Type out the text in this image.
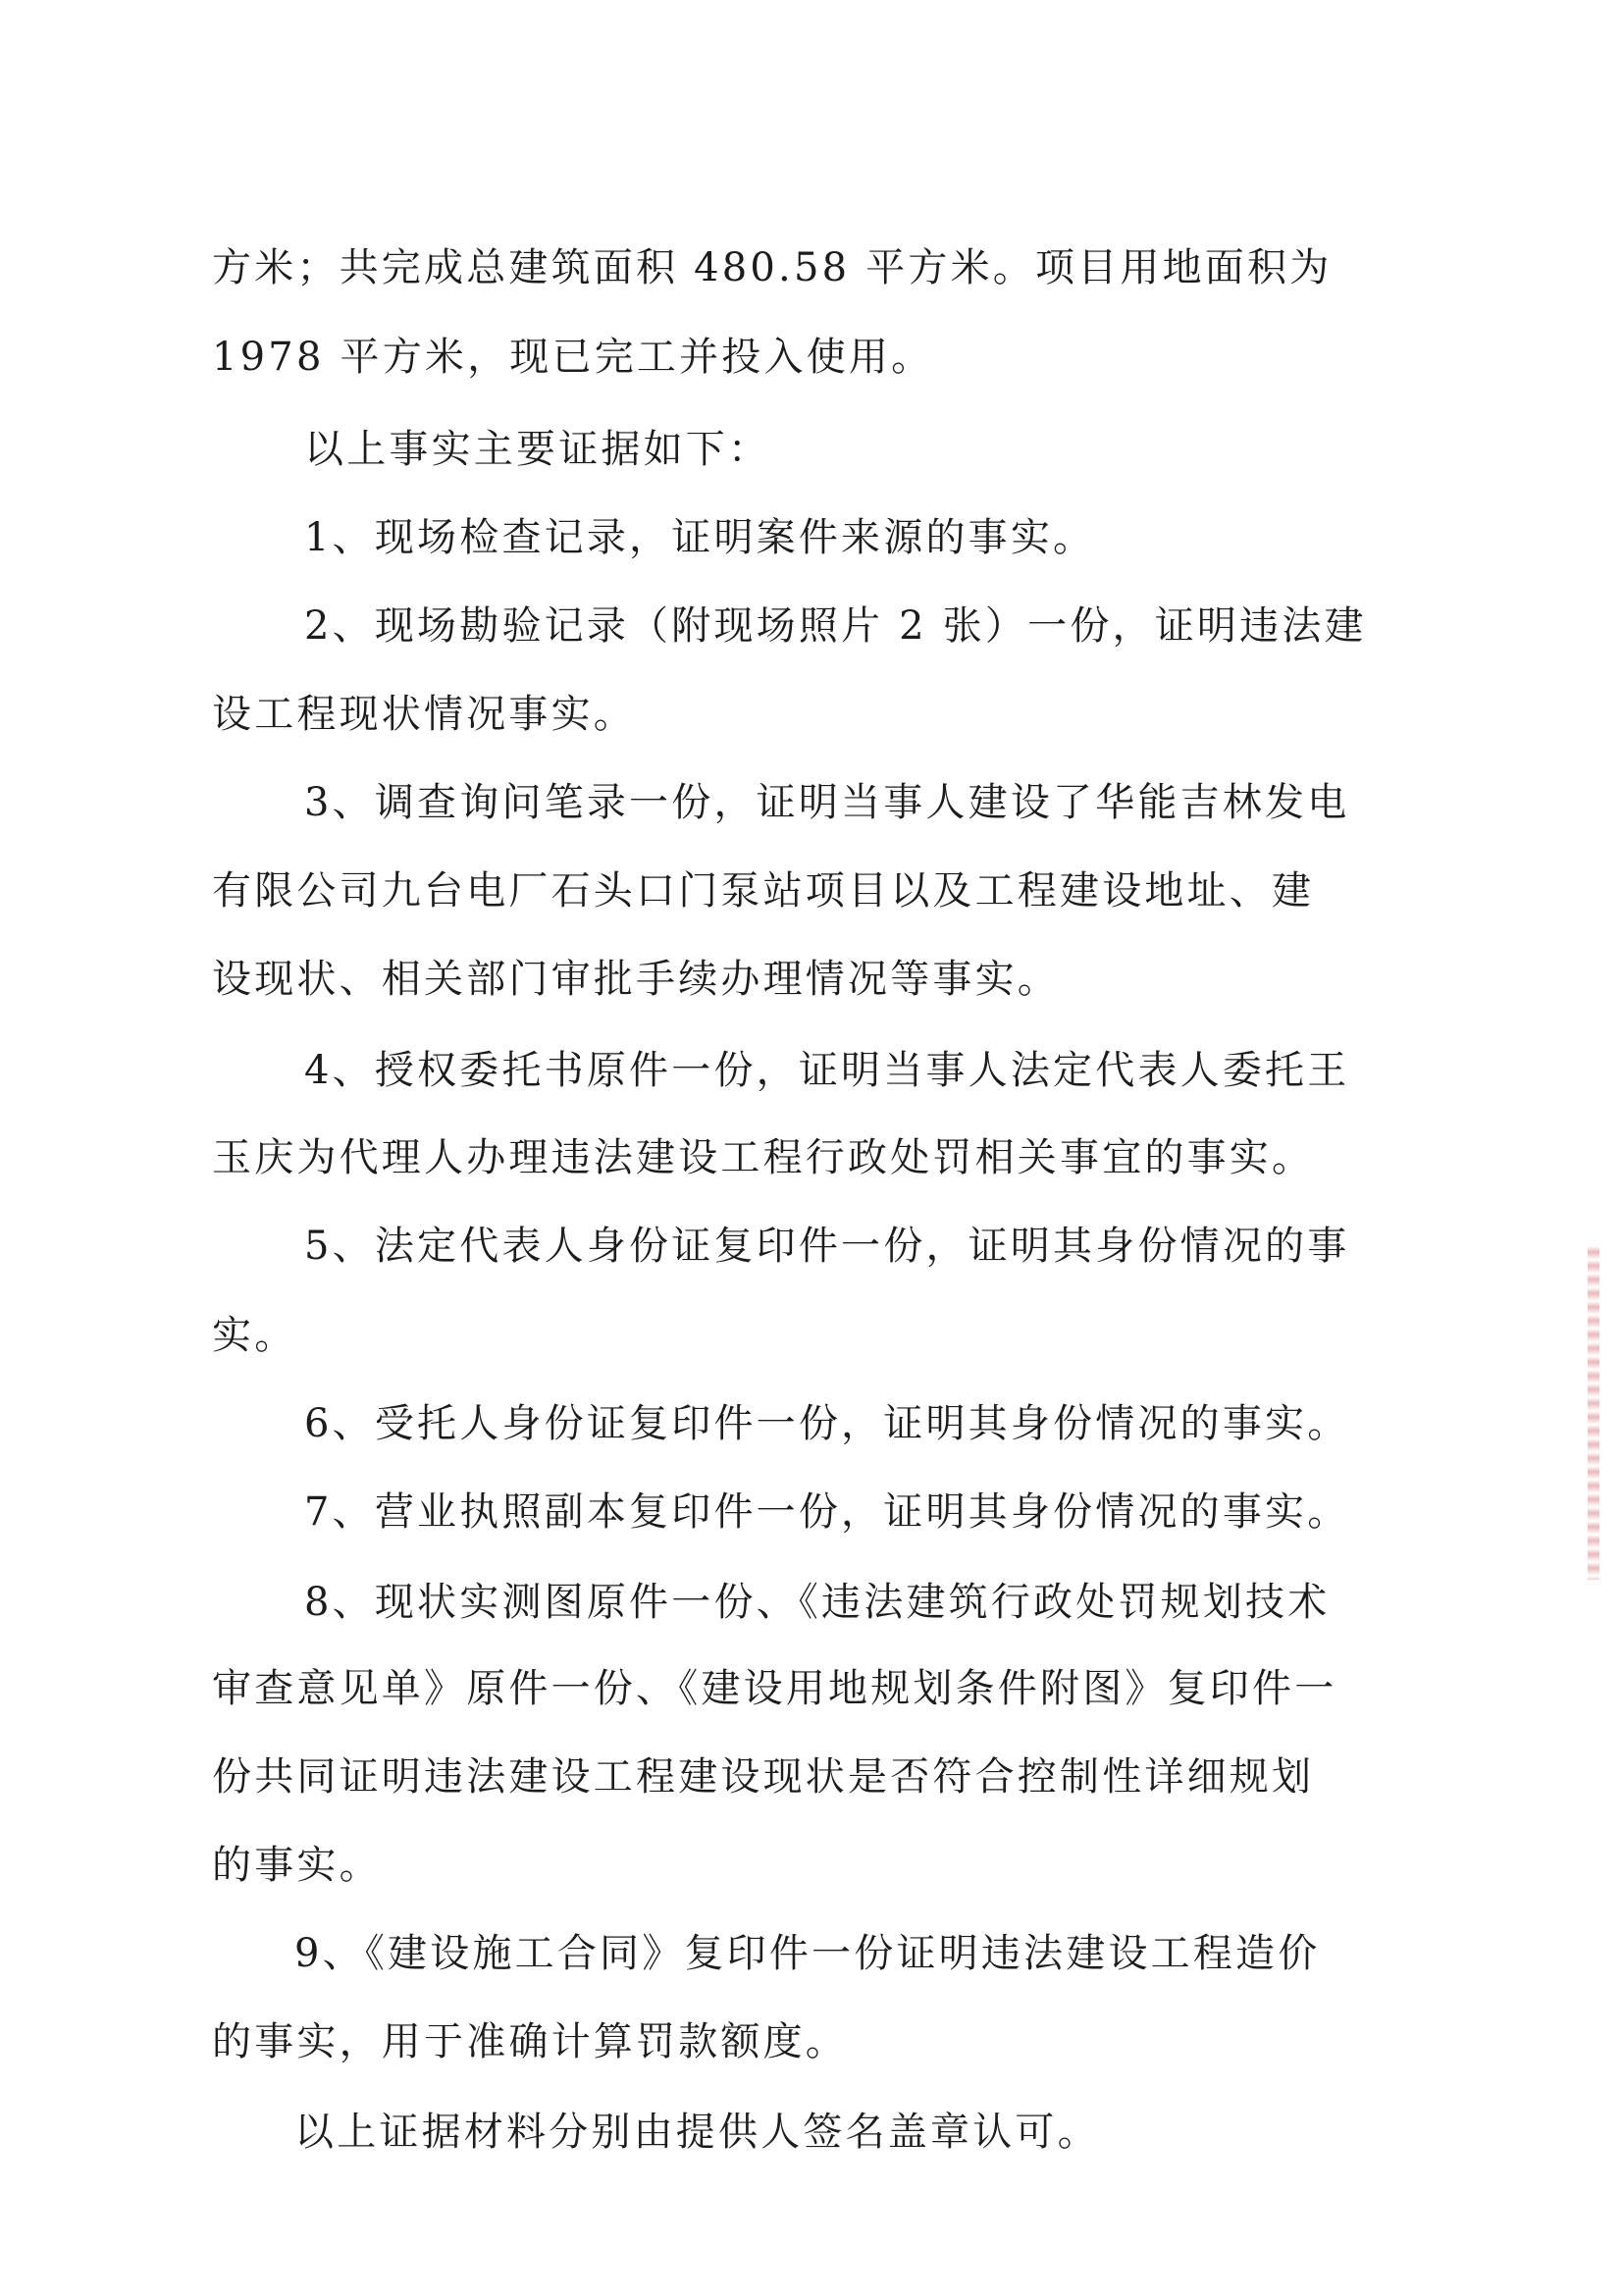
方米；共完成总建筑面积 480.58 平方米。项目用地面积为
1978 平方米，现已完工并投入使用。
以上事实主要证据如下：
1、现场检查记录，证明案件来源的事实。
2、现场勘验记录（附现场照片 2 张）一份，证明违法建
设工程现状情况事实。
3、调查询问笔录一份，证明当事人建设了华能吉林发电
有限公司九台电厂石头口门泵站项目以及工程建设地址、建
设现状、相关部门审批手续办理情况等事实。
4、授权委托书原件一份，证明当事人法定代表人委托王
玉庆为代理人办理违法建设工程行政处罚相关事宜的事实。
5、法定代表人身份证复印件一份，证明其身份情况的事
实。
6、受托人身份证复印件一份，证明其身份情况的事实。
7、营业执照副本复印件一份，证明其身份情况的事实。
8、现状实测图原件一份、《违法建筑行政处罚规划技术
审查意见单》原件一份、《建设用地规划条件附图》复印件一
份共同证明违法建设工程建设现状是否符合控制性详细规划
的事实。
9、《建设施工合同》复印件一份证明违法建设工程造价
的事实，用于准确计算罚款额度。
以上证据材料分别由提供人签名盖章认可。
